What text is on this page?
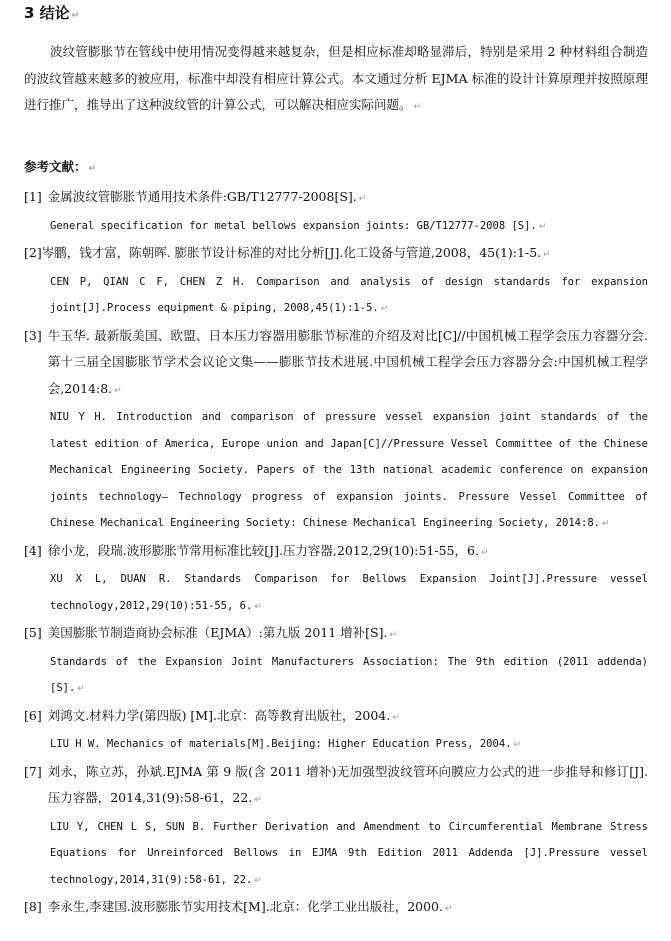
3 结论 ↵
波纹管膨胀节在管线中使用情况变得越来越复杂，但是相应标准却略显滞后，特别是采用 2 种材料组合制造的波纹管越来越多的被应用，标准中却没有相应计算公式。本文通过分析 EJMA 标准的设计计算原理并按照原理进行推广，推导出了这种波纹管的计算公式，可以解决相应实际问题。 ↵
参考文献： ↵
[1] 金属波纹管膨胀节通用技术条件:GB/T12777-2008[S]. ↵
General specification for metal bellows expansion joints: GB/T12777-2008 [S]. ↵
[2] 岑鹏，钱才富，陈朝晖. 膨胀节设计标准的对比分析[J].化工设备与管道,2008，45(1):1-5. ↵
CEN P, QIAN C F, CHEN Z H. Comparison and analysis of design standards for expansion joint[J].Process equipment & piping, 2008,45(1):1-5. ↵
[3] 牛玉华. 最新版美国、欧盟、日本压力容器用膨胀节标准的介绍及对比[C]//中国机械工程学会压力容器分会.第十三届全国膨胀节学术会议论文集——膨胀节技术进展.中国机械工程学会压力容器分会:中国机械工程学会,2014:8. ↵
NIU Y H. Introduction and comparison of pressure vessel expansion joint standards of the latest edition of America, Europe union and Japan[C]//Pressure Vessel Committee of the Chinese Mechanical Engineering Society. Papers of the 13th national academic conference on expansion joints technology— Technology progress of expansion joints. Pressure Vessel Committee of Chinese Mechanical Engineering Society: Chinese Mechanical Engineering Society, 2014:8. ↵
[4] 徐小龙，段瑞.波形膨胀节常用标准比较[J].压力容器,2012,29(10):51-55，6. ↵
XU X L, DUAN R. Standards Comparison for Bellows Expansion Joint[J].Pressure vessel technology,2012,29(10):51-55, 6. ↵
[5] 美国膨胀节制造商协会标准（EJMA）:第九版 2011 增补[S]. ↵
Standards of the Expansion Joint Manufacturers Association: The 9th edition (2011 addenda)[S]. ↵
[6] 刘鸿文.材料力学(第四版) [M].北京：高等教育出版社，2004. ↵
LIU H W. Mechanics of materials[M].Beijing: Higher Education Press, 2004. ↵
[7] 刘永，陈立苏，孙斌.EJMA 第 9 版(含 2011 增补)无加强型波纹管环向膜应力公式的进一步推导和修订[J].压力容器，2014,31(9):58-61，22. ↵
LIU Y, CHEN L S, SUN B. Further Derivation and Amendment to Circumferential Membrane Stress Equations for Unreinforced Bellows in EJMA 9th Edition 2011 Addenda [J].Pressure vessel technology,2014,31(9):58-61, 22. ↵
[8] 李永生,李建国.波形膨胀节实用技术[M].北京：化学工业出版社，2000. ↵
